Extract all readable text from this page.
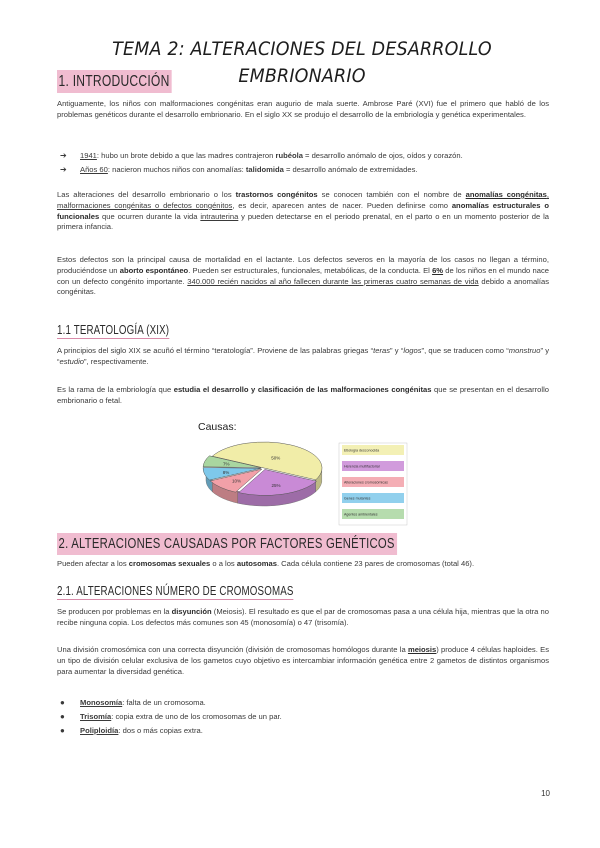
TEMA 2: ALTERACIONES DEL DESARROLLO EMBRIONARIO
1. INTRODUCCIÓN
Antiguamente, los niños con malformaciones congénitas eran augurio de mala suerte. Ambrose Paré (XVI) fue el primero que habló de los problemas genéticos durante el desarrollo embrionario. En el siglo XX se produjo el desarrollo de la embriología y genética experimentales.
➔ 1941: hubo un brote debido a que las madres contrajeron rubéola = desarrollo anómalo de ojos, oídos y corazón.
➔ Años 60: nacieron muchos niños con anomalías: talidomida = desarrollo anómalo de extremidades.
Las alteraciones del desarrollo embrionario o los trastornos congénitos se conocen también con el nombre de anomalías congénitas, malformaciones congénitas o defectos congénitos, es decir, aparecen antes de nacer. Pueden definirse como anomalías estructurales o funcionales que ocurren durante la vida intrauterina y pueden detectarse en el periodo prenatal, en el parto o en un momento posterior de la primera infancia.
Estos defectos son la principal causa de mortalidad en el lactante. Los defectos severos en la mayoría de los casos no llegan a término, produciéndose un aborto espontáneo. Pueden ser estructurales, funcionales, metabólicas, de la conducta. El 6% de los niños en el mundo nace con un defecto congénito importante. 340.000 recién nacidos al año fallecen durante las primeras cuatro semanas de vida debido a anomalías congénitas.
1.1 TERATOLOGÍA (XIX)
A principios del siglo XIX se acuñó el término “teratología”. Proviene de las palabras griegas “teras” y “logos”, que se traducen como “monstruo” y “estudio”, respectivamente.
Es la rama de la embriología que estudia el desarrollo y clasificación de las malformaciones congénitas que se presentan en el desarrollo embrionario o fetal.
Causas:
50%
25%
10%
8%
7%
Etiología desconocida
Herencia multifactorial
Alteraciones cromosómicas
Genes mutantes
Agentes ambientales
2. ALTERACIONES CAUSADAS POR FACTORES GENÉTICOS
Pueden afectar a los cromosomas sexuales o a los autosomas. Cada célula contiene 23 pares de cromosomas (total 46).
2.1. ALTERACIONES NÚMERO DE CROMOSOMAS
Se producen por problemas en la disyunción (Meiosis). El resultado es que el par de cromosomas pasa a una célula hija, mientras que la otra no recibe ninguna copia. Los defectos más comunes son 45 (monosomía) o 47 (trisomía).
Una división cromosómica con una correcta disyunción (división de cromosomas homólogos durante la meiosis) produce 4 células haploides. Es un tipo de división celular exclusiva de los gametos cuyo objetivo es intercambiar información genética entre 2 gametos de distintos organismos para aumentar la diversidad genética.
● Monosomía: falta de un cromosoma.
● Trisomía: copia extra de uno de los cromosomas de un par.
● Poliploidía: dos o más copias extra.
10
